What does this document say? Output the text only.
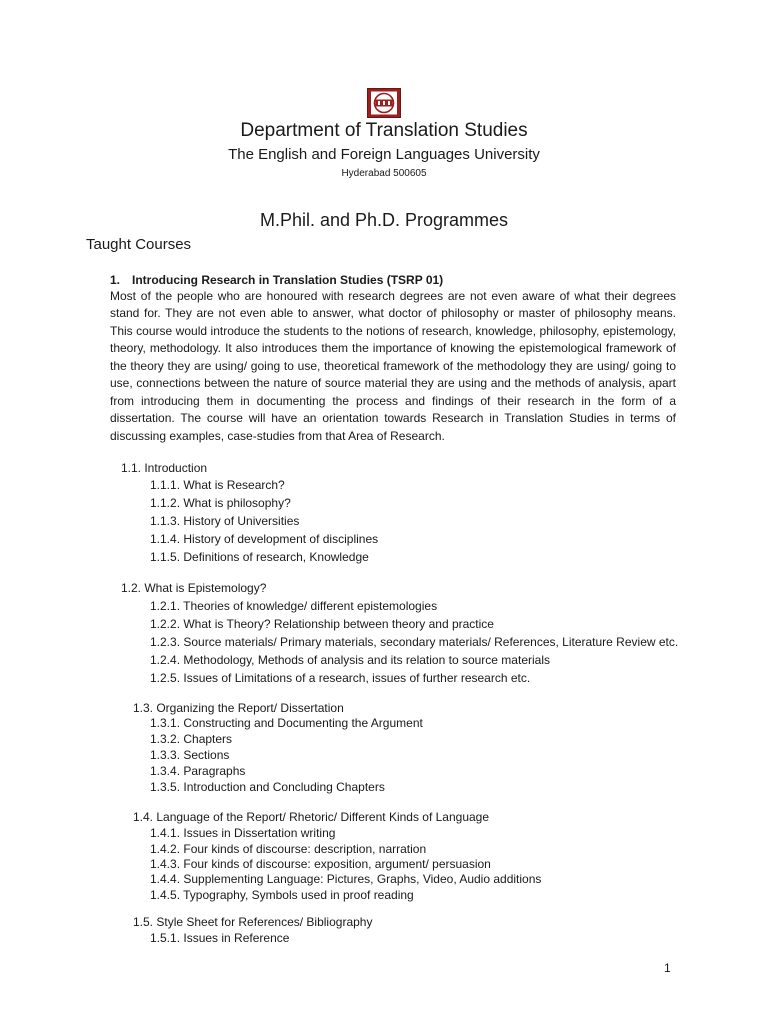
Department of Translation Studies
The English and Foreign Languages University
Hyderabad 500605
M.Phil. and Ph.D. Programmes
Taught Courses
1. Introducing Research in Translation Studies (TSRP 01)
Most of the people who are honoured with research degrees are not even aware of what their degrees stand for. They are not even able to answer, what doctor of philosophy or master of philosophy means. This course would introduce the students to the notions of research, knowledge, philosophy, epistemology, theory, methodology. It also introduces them the importance of knowing the epistemological framework of the theory they are using/ going to use, theoretical framework of the methodology they are using/ going to use, connections between the nature of source material they are using and the methods of analysis, apart from introducing them in documenting the process and findings of their research in the form of a dissertation. The course will have an orientation towards Research in Translation Studies in terms of discussing examples, case-studies from that Area of Research.
1.1. Introduction
1.1.1. What is Research?
1.1.2. What is philosophy?
1.1.3. History of Universities
1.1.4. History of development of disciplines
1.1.5. Definitions of research, Knowledge
1.2. What is Epistemology?
1.2.1. Theories of knowledge/ different epistemologies
1.2.2. What is Theory? Relationship between theory and practice
1.2.3. Source materials/ Primary materials, secondary materials/ References, Literature Review etc.
1.2.4. Methodology, Methods of analysis and its relation to source materials
1.2.5. Issues of Limitations of a research, issues of further research etc.
1.3. Organizing the Report/ Dissertation
1.3.1. Constructing and Documenting the Argument
1.3.2. Chapters
1.3.3. Sections
1.3.4. Paragraphs
1.3.5. Introduction and Concluding Chapters
1.4. Language of the Report/ Rhetoric/ Different Kinds of Language
1.4.1. Issues in Dissertation writing
1.4.2. Four kinds of discourse: description, narration
1.4.3. Four kinds of discourse: exposition, argument/ persuasion
1.4.4. Supplementing Language: Pictures, Graphs, Video, Audio additions
1.4.5. Typography, Symbols used in proof reading
1.5. Style Sheet for References/ Bibliography
1.5.1. Issues in Reference
1
